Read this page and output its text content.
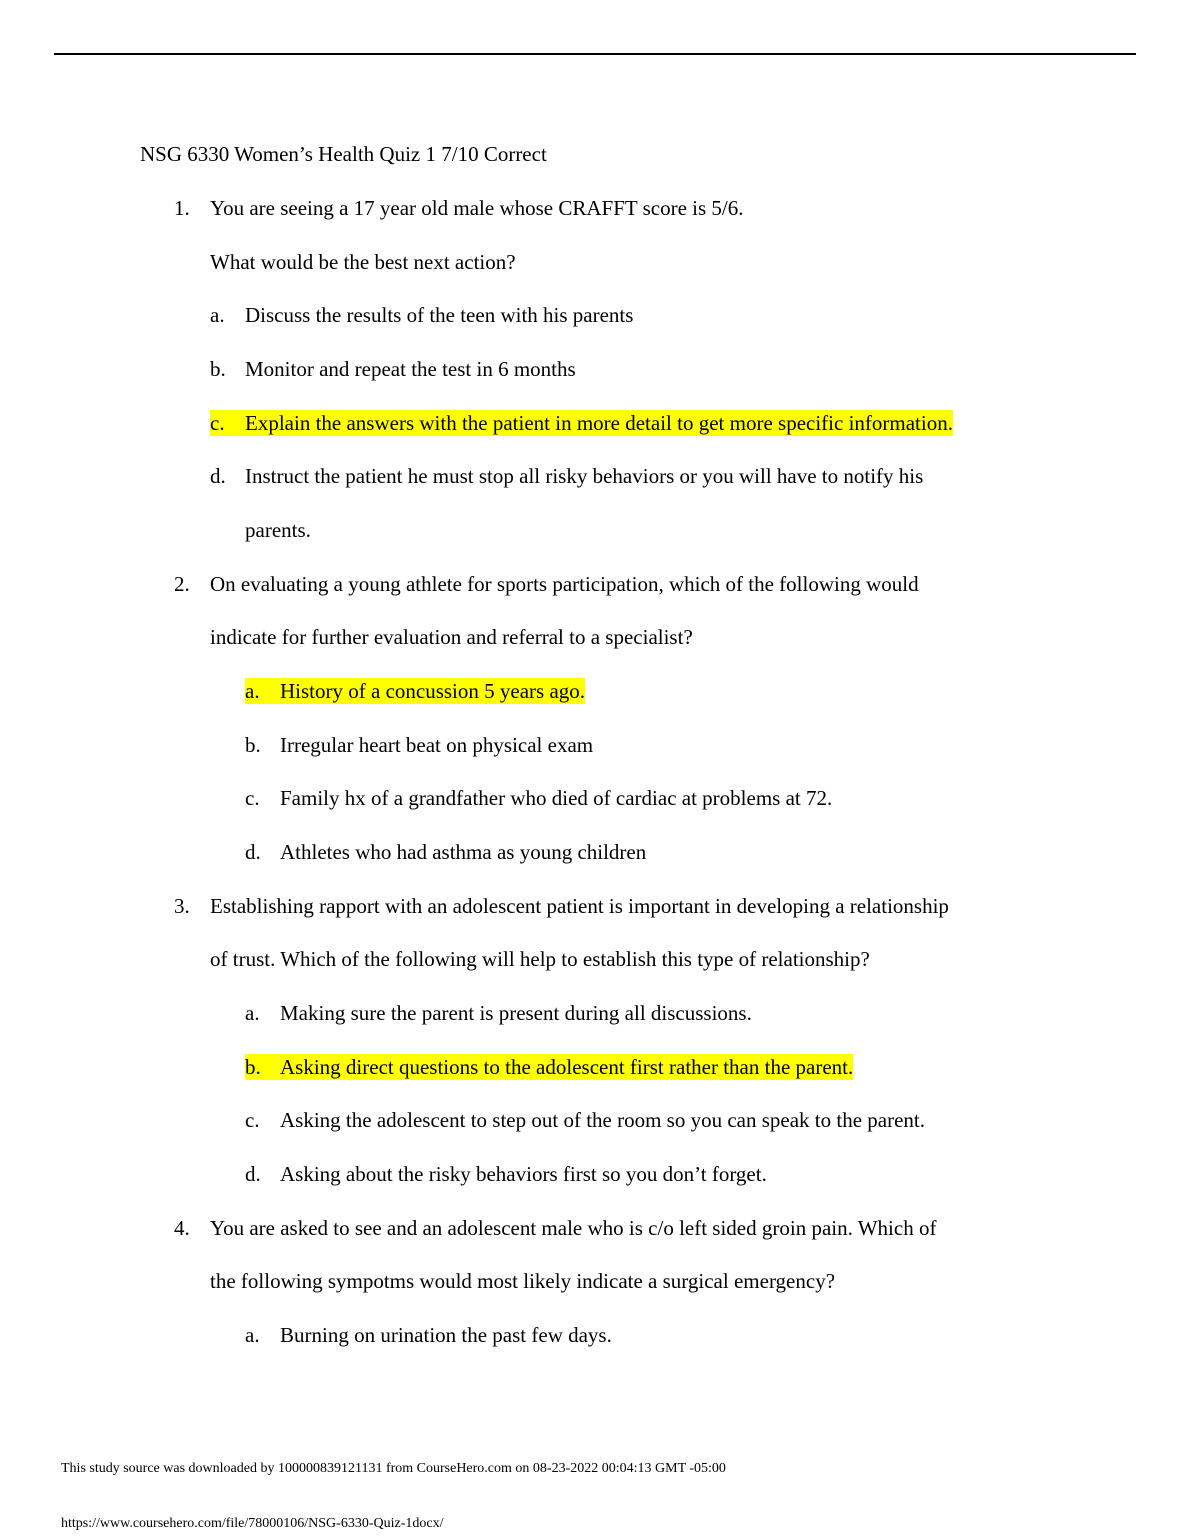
NSG 6330 Women’s Health Quiz 1 7/10 Correct
1. You are seeing a 17 year old male whose CRAFFT score is 5/6.
What would be the best next action?
a. Discuss the results of the teen with his parents
b. Monitor and repeat the test in 6 months
c. Explain the answers with the patient in more detail to get more specific information.
d. Instruct the patient he must stop all risky behaviors or you will have to notify his
parents.
2. On evaluating a young athlete for sports participation, which of the following would
indicate for further evaluation and referral to a specialist?
a. History of a concussion 5 years ago.
b. Irregular heart beat on physical exam
c. Family hx of a grandfather who died of cardiac at problems at 72.
d. Athletes who had asthma as young children
3. Establishing rapport with an adolescent patient is important in developing a relationship
of trust. Which of the following will help to establish this type of relationship?
a. Making sure the parent is present during all discussions.
b. Asking direct questions to the adolescent first rather than the parent.
c. Asking the adolescent to step out of the room so you can speak to the parent.
d. Asking about the risky behaviors first so you don’t forget.
4. You are asked to see and an adolescent male who is c/o left sided groin pain. Which of
the following sympotms would most likely indicate a surgical emergency?
a. Burning on urination the past few days.
This study source was downloaded by 100000839121131 from CourseHero.com on 08-23-2022 00:04:13 GMT -05:00
https://www.coursehero.com/file/78000106/NSG-6330-Quiz-1docx/
